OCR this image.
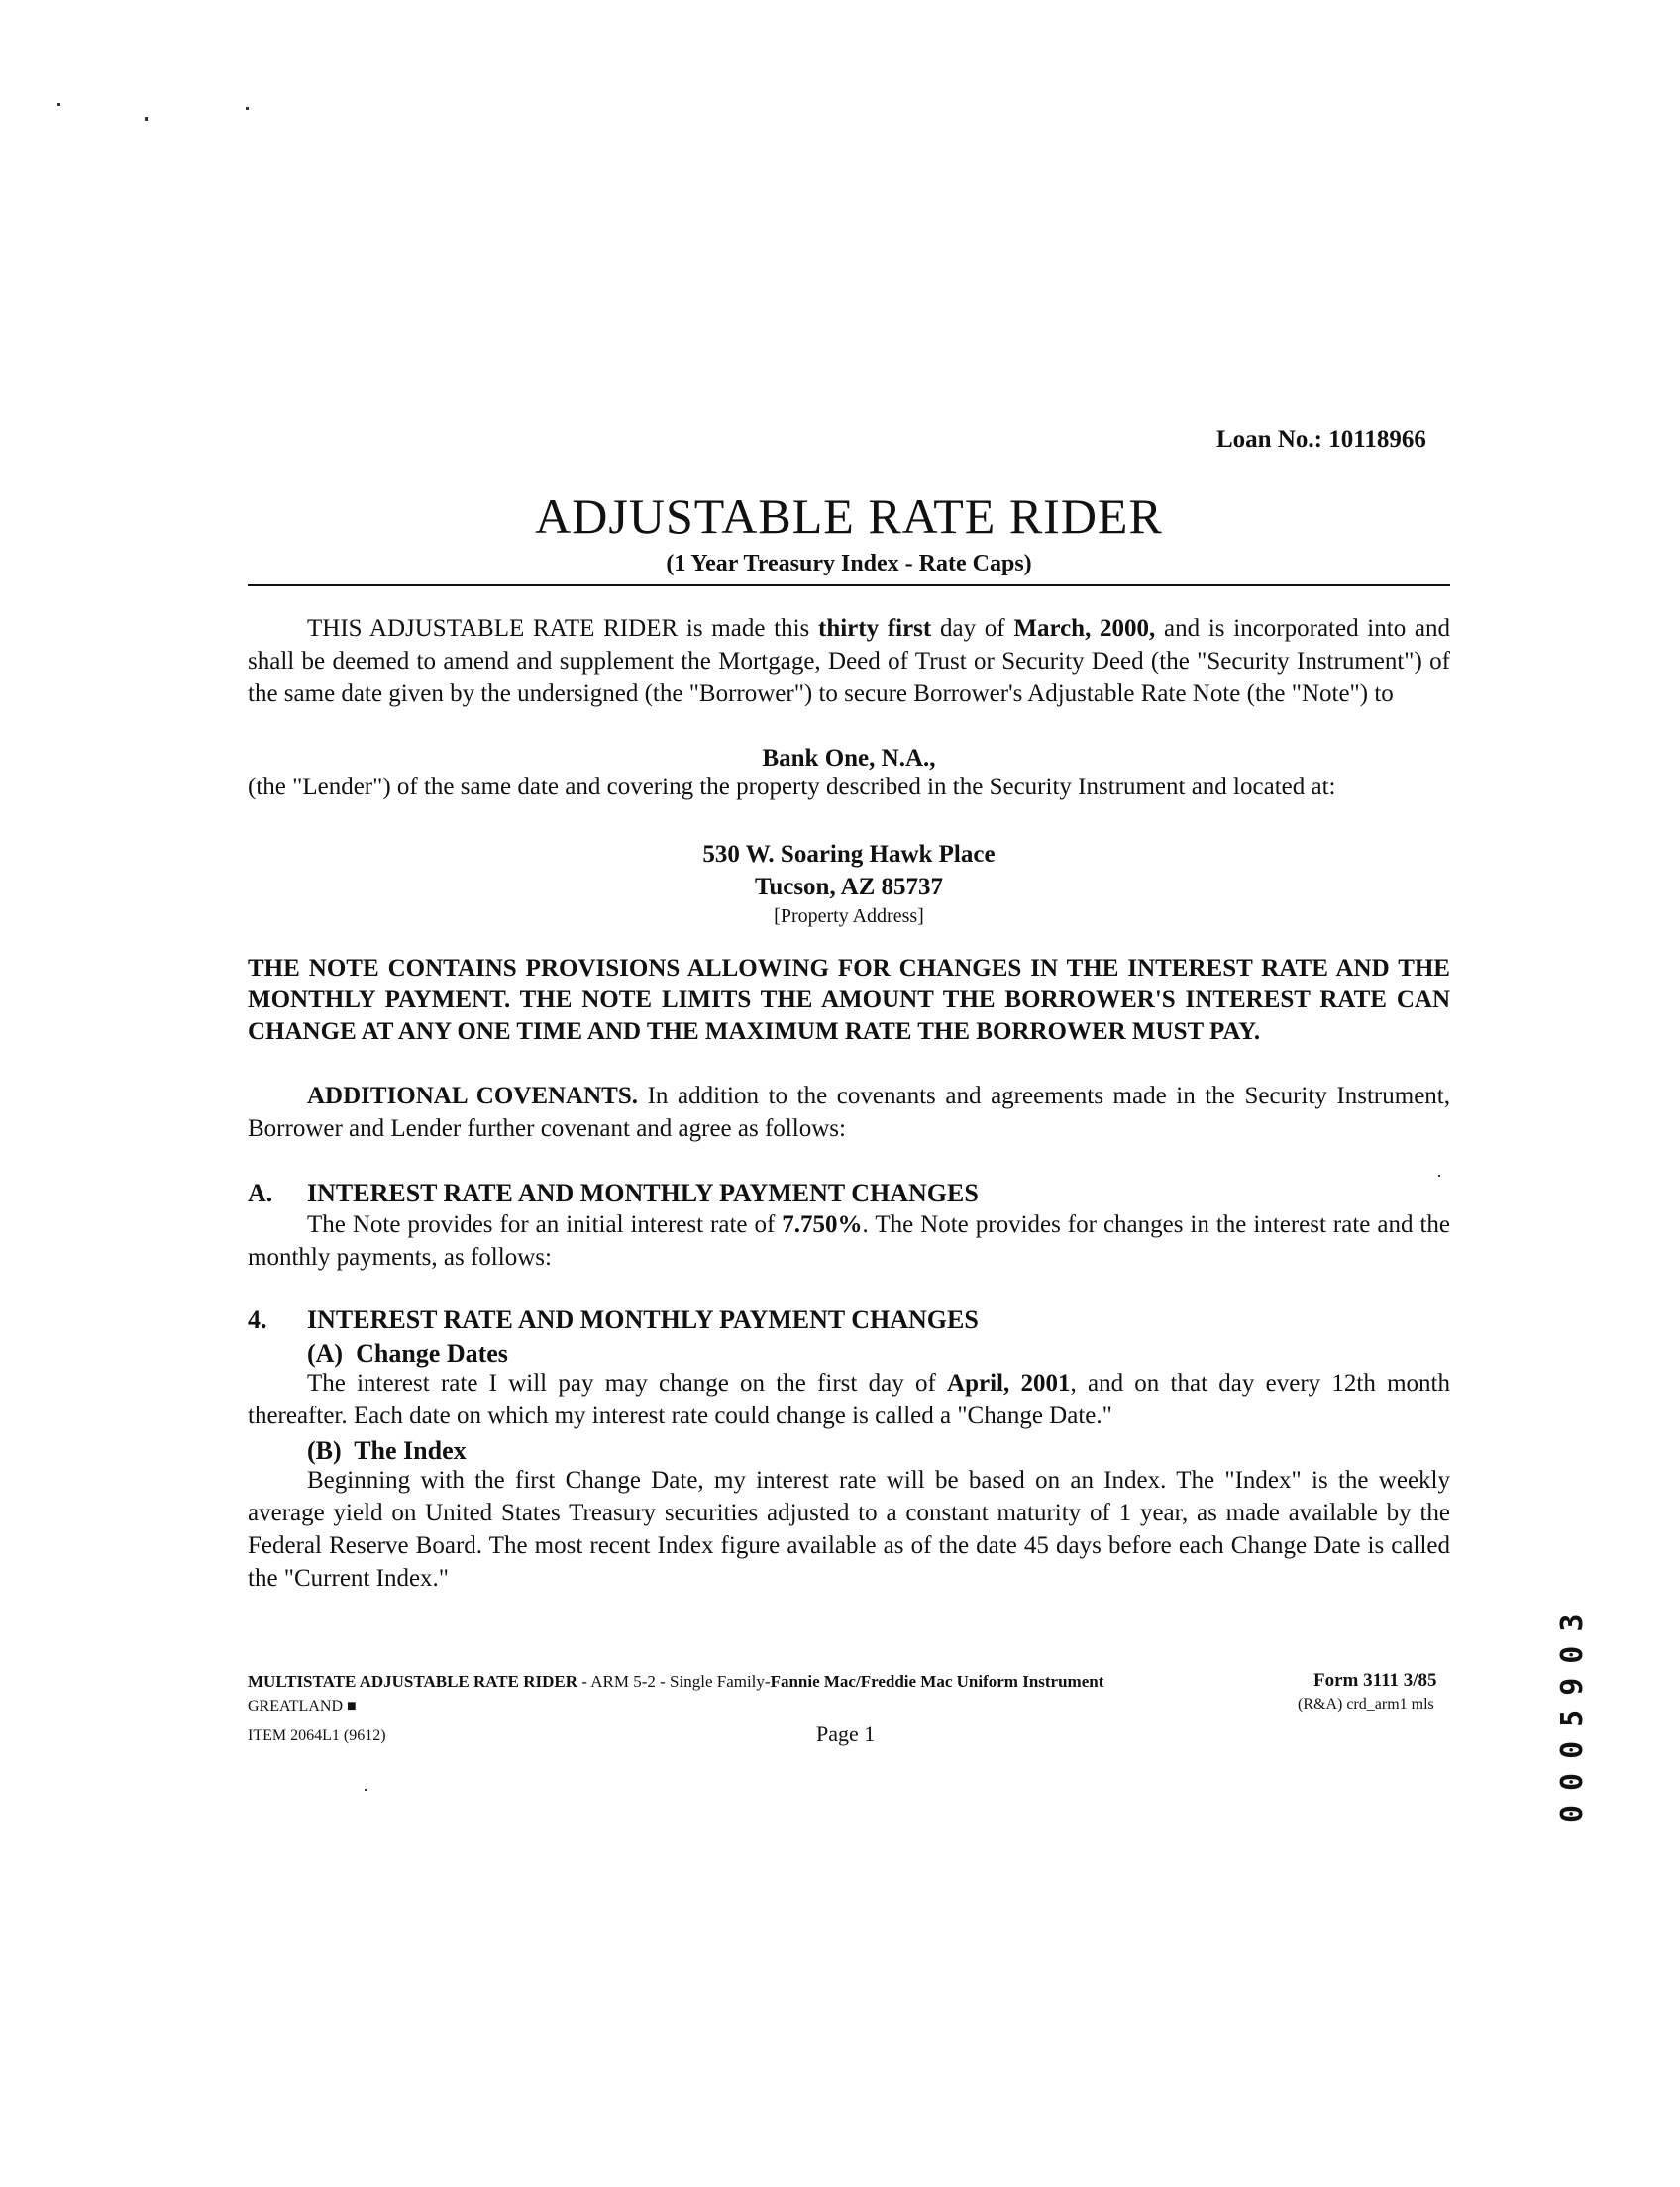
Loan No.: 10118966
ADJUSTABLE RATE RIDER
(1 Year Treasury Index - Rate Caps)

THIS ADJUSTABLE RATE RIDER is made this thirty first day of March, 2000, and is incorporated into and shall be deemed to amend and supplement the Mortgage, Deed of Trust or Security Deed (the "Security Instrument") of the same date given by the undersigned (the "Borrower") to secure Borrower's Adjustable Rate Note (the "Note") to

Bank One, N.A.,

(the "Lender") of the same date and covering the property described in the Security Instrument and located at:

530 W. Soaring Hawk Place
Tucson, AZ 85737
[Property Address]

THE NOTE CONTAINS PROVISIONS ALLOWING FOR CHANGES IN THE INTEREST RATE AND THE MONTHLY PAYMENT. THE NOTE LIMITS THE AMOUNT THE BORROWER'S INTEREST RATE CAN CHANGE AT ANY ONE TIME AND THE MAXIMUM RATE THE BORROWER MUST PAY.

ADDITIONAL COVENANTS. In addition to the covenants and agreements made in the Security Instrument, Borrower and Lender further covenant and agree as follows:

A. INTEREST RATE AND MONTHLY PAYMENT CHANGES

The Note provides for an initial interest rate of 7.750%. The Note provides for changes in the interest rate and the monthly payments, as follows:

4. INTEREST RATE AND MONTHLY PAYMENT CHANGES
(A) Change Dates

The interest rate I will pay may change on the first day of April, 2001, and on that day every 12th month thereafter. Each date on which my interest rate could change is called a "Change Date."

(B) The Index

Beginning with the first Change Date, my interest rate will be based on an Index. The "Index" is the weekly average yield on United States Treasury securities adjusted to a constant maturity of 1 year, as made available by the Federal Reserve Board. The most recent Index figure available as of the date 45 days before each Change Date is called the "Current Index."

MULTISTATE ADJUSTABLE RATE RIDER - ARM 5-2 - Single Family-Fannie Mac/Freddie Mac Uniform Instrument	Form 3111 3/85
GREATLAND ■	(R&A) crd_arm1 mls
ITEM 2064L1 (9612)	Page 1	0005903
